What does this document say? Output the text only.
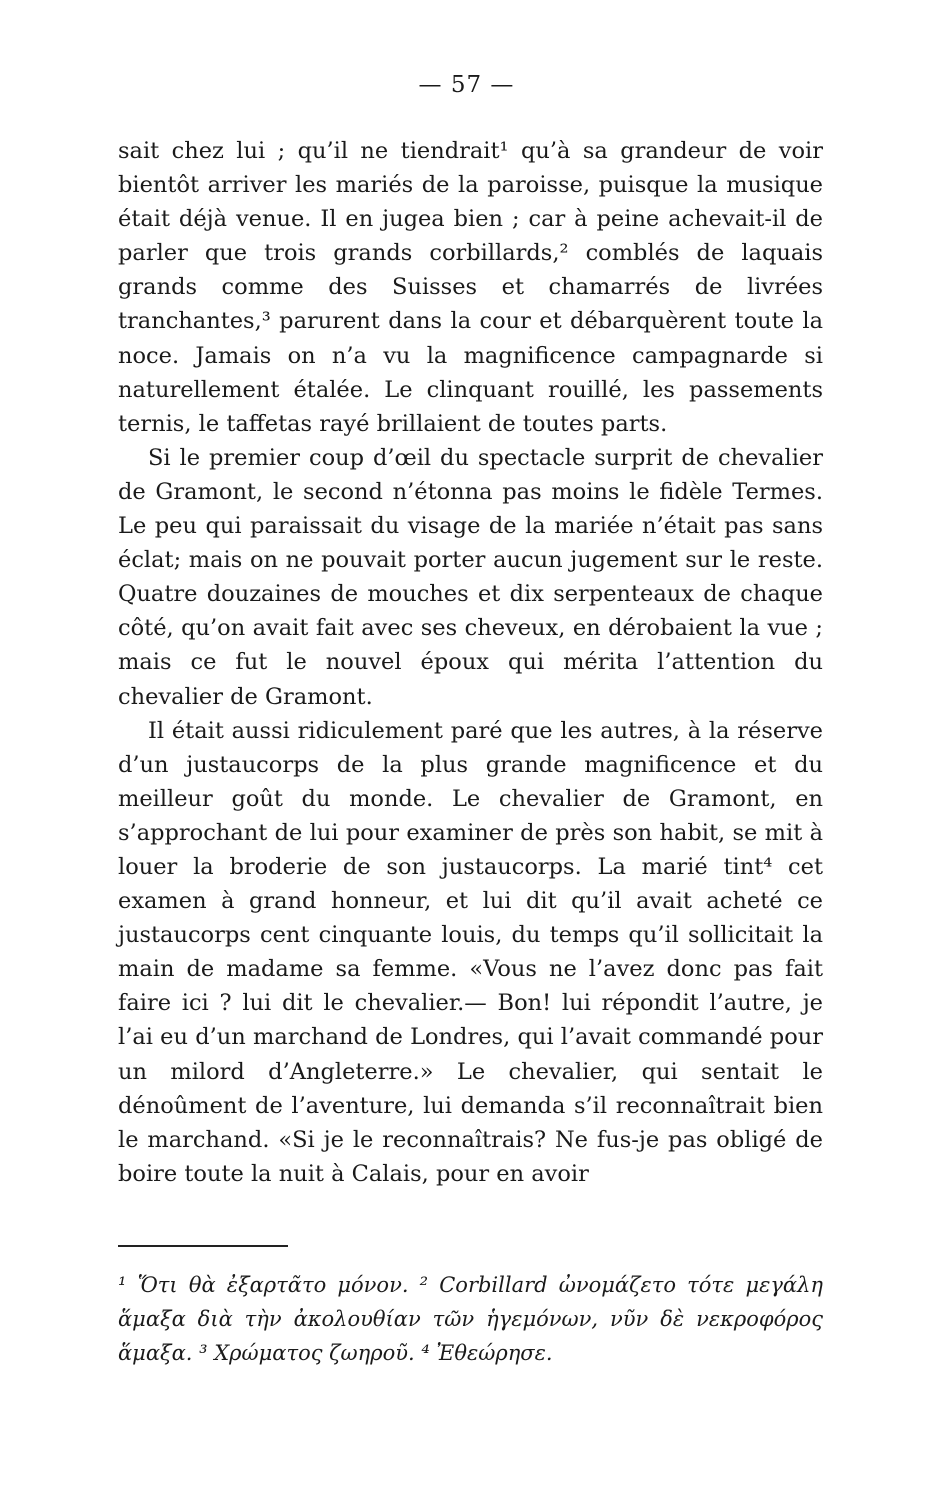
— 57 —

sait chez lui ; qu’il ne tiendrait¹ qu’à sa grandeur de voir bientôt arriver les mariés de la paroisse, puisque la musique était déjà venue. Il en jugea bien ; car à peine achevait-il de parler que trois grands corbillards,² comblés de laquais grands comme des Suisses et chamarrés de livrées tranchantes,³ parurent dans la cour et débarquèrent toute la noce. Jamais on n’a vu la magnificence campagnarde si naturellement étalée. Le clinquant rouillé, les passements ternis, le taffetas rayé brillaient de toutes parts.

Si le premier coup d’œil du spectacle surprit de chevalier de Gramont, le second n’étonna pas moins le fidèle Termes. Le peu qui paraissait du visage de la mariée n’était pas sans éclat; mais on ne pouvait porter aucun jugement sur le reste. Quatre douzaines de mouches et dix serpenteaux de chaque côté, qu’on avait fait avec ses cheveux, en dérobaient la vue ; mais ce fut le nouvel époux qui mérita l’attention du chevalier de Gramont.

Il était aussi ridiculement paré que les autres, à la réserve d’un justaucorps de la plus grande magnificence et du meilleur goût du monde. Le chevalier de Gramont, en s’approchant de lui pour examiner de près son habit, se mit à louer la broderie de son justaucorps. La marié tint⁴ cet examen à grand honneur, et lui dit qu’il avait acheté ce justaucorps cent cinquante louis, du temps qu’il sollicitait la main de madame sa femme. «Vous ne l’avez donc pas fait faire ici ? lui dit le chevalier.— Bon! lui répondit l’autre, je l’ai eu d’un marchand de Londres, qui l’avait commandé pour un milord d’Angleterre.» Le chevalier, qui sentait le dénoûment de l’aventure, lui demanda s’il reconnaîtrait bien le marchand. «Si je le reconnaîtrais? Ne fus-je pas obligé de boire toute la nuit à Calais, pour en avoir

¹ Ὅτι θὰ ἐξαρτᾶτο μόνον. ² Corbillard ὠνομάζετο τότε μεγάλη ἅμαξα διὰ τὴν ἀκολουθίαν τῶν ἡγεμόνων, νῦν δὲ νεκροφόρος ἅμαξα. ³ Χρώματος ζωηροῦ. ⁴ Ἐθεώρησε.
